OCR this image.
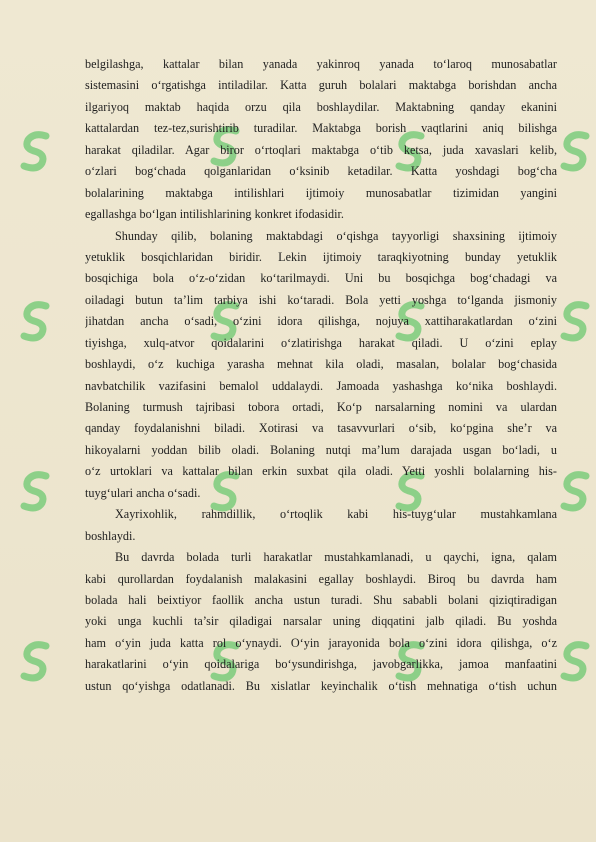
belgilashga, kattalar bilan yanada yakinroq yanada to‘laroq munosabatlar
sistemasini o‘rgatishga intiladilar. Katta guruh bolalari maktabga borishdan ancha
ilgariyoq maktab haqida orzu qila boshlaydilar. Maktabning qanday ekanini
kattalardan tez-tez,surishtirib turadilar. Maktabga borish vaqtlarini aniq bilishga
harakat qiladilar. Agar biror o‘rtoqlari maktabga o‘tib ketsa, juda xavaslari kelib,
o‘zlari bog‘chada qolganlaridan o‘ksinib ketadilar. Katta yoshdagi bog‘cha
bolalarining maktabga intilishlari ijtimoiy munosabatlar tizimidan yangini
egallashga bo‘lgan intilishlarining konkret ifodasidir.
Shunday qilib, bolaning maktabdagi o‘qishga tayyorligi shaxsining ijtimoiy
yetuklik bosqichlaridan biridir. Lekin ijtimoiy taraqkiyotning bunday yetuklik
bosqichiga bola o‘z-o‘zidan ko‘tarilmaydi. Uni bu bosqichga bog‘chadagi va
oiladagi butun ta’lim tarbiya ishi ko‘taradi. Bola yetti yoshga to‘lganda jismoniy
jihatdan ancha o‘sadi, o‘zini idora qilishga, nojuya xattiharakatlardan o‘zini
tiyishga, xulq-atvor qoidalarini o‘zlatirishga harakat qiladi. U o‘zini eplay
boshlaydi, o‘z kuchiga yarasha mehnat kila oladi, masalan, bolalar bog‘chasida
navbatchilik vazifasini bemalol uddalaydi. Jamoada yashashga ko‘nika boshlaydi.
Bolaning turmush tajribasi tobora ortadi, Ko‘p narsalarning nomini va ulardan
qanday foydalanishni biladi. Xotirasi va tasavvurlari o‘sib, ko‘pgina she’r va
hikoyalarni yoddan bilib oladi. Bolaning nutqi ma’lum darajada usgan bo‘ladi, u
o‘z urtoklari va kattalar bilan erkin suxbat qila oladi. Yetti yoshli bolalarning his-
tuyg‘ulari ancha o‘sadi.
Xayrixohlik, rahmdillik, o‘rtoqlik kabi his-tuyg‘ular mustahkamlana
boshlaydi.
Bu davrda bolada turli harakatlar mustahkamlanadi, u qaychi, igna, qalam
kabi qurollardan foydalanish malakasini egallay boshlaydi. Biroq bu davrda ham
bolada hali beixtiyor faollik ancha ustun turadi. Shu sababli bolani qiziqtiradigan
yoki unga kuchli ta’sir qiladigai narsalar uning diqqatini jalb qiladi. Bu yoshda
ham o‘yin juda katta rol o‘ynaydi. O‘yin jarayonida bola o‘zini idora qilishga, o‘z
harakatlarini o‘yin qoidalariga bo‘ysundirishga, javobgarlikka, jamoa manfaatini
ustun qo‘yishga odatlanadi. Bu xislatlar keyinchalik o‘tish mehnatiga o‘tish uchun
